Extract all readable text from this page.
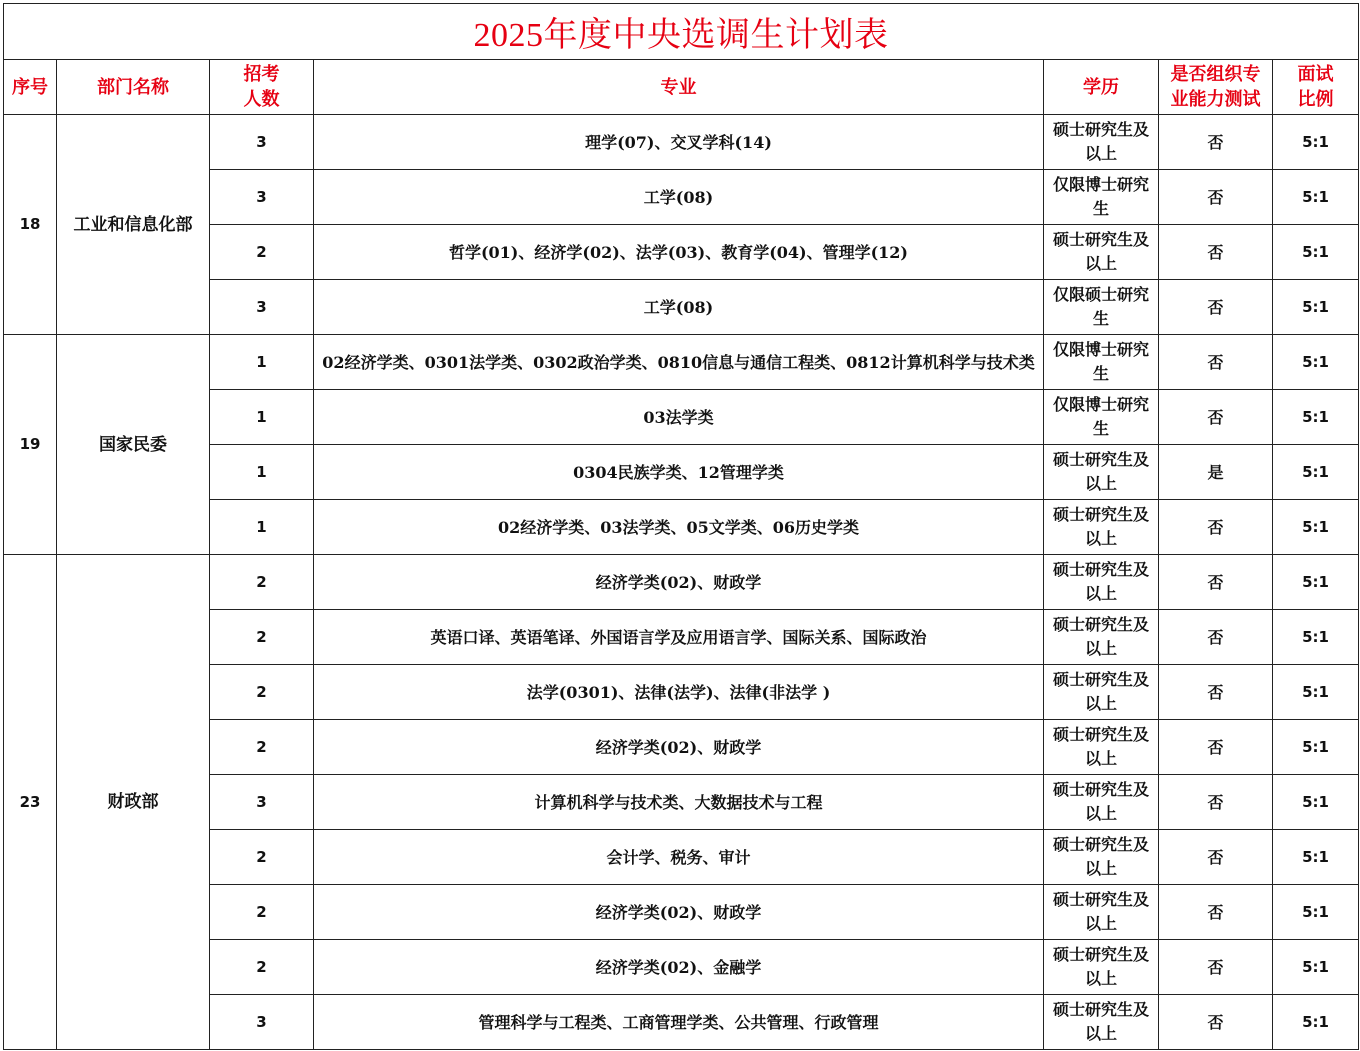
2025年度中央选调生计划表						
序号	部门名称	招考人数	专业	学历	是否组织专业能力测试	面试比例
18	工业和信息化部	3	理学(07)、交叉学科(14)	硕士研究生及以上	否	5:1
		3	工学(08)	仅限博士研究生	否	5:1
		2	哲学(01)、经济学(02)、法学(03)、教育学(04)、管理学(12)	硕士研究生及以上	否	5:1
		3	工学(08)	仅限硕士研究生	否	5:1
19	国家民委	1	02经济学类、0301法学类、0302政治学类、0810信息与通信工程类、0812计算机科学与技术类	仅限博士研究生	否	5:1
		1	03法学类	仅限博士研究生	否	5:1
		1	0304民族学类、12管理学类	硕士研究生及以上	是	5:1
		1	02经济学类、03法学类、05文学类、06历史学类	硕士研究生及以上	否	5:1
23	财政部	2	经济学类(02)、财政学	硕士研究生及以上	否	5:1
		2	英语口译、英语笔译、外国语言学及应用语言学、国际关系、国际政治	硕士研究生及以上	否	5:1
		2	法学(0301)、法律(法学)、法律(非法学 )	硕士研究生及以上	否	5:1
		2	经济学类(02)、财政学	硕士研究生及以上	否	5:1
		3	计算机科学与技术类、大数据技术与工程	硕士研究生及以上	否	5:1
		2	会计学、税务、审计	硕士研究生及以上	否	5:1
		2	经济学类(02)、财政学	硕士研究生及以上	否	5:1
		2	经济学类(02)、金融学	硕士研究生及以上	否	5:1
		3	管理科学与工程类、工商管理学类、公共管理、行政管理	硕士研究生及以上	否	5:1
